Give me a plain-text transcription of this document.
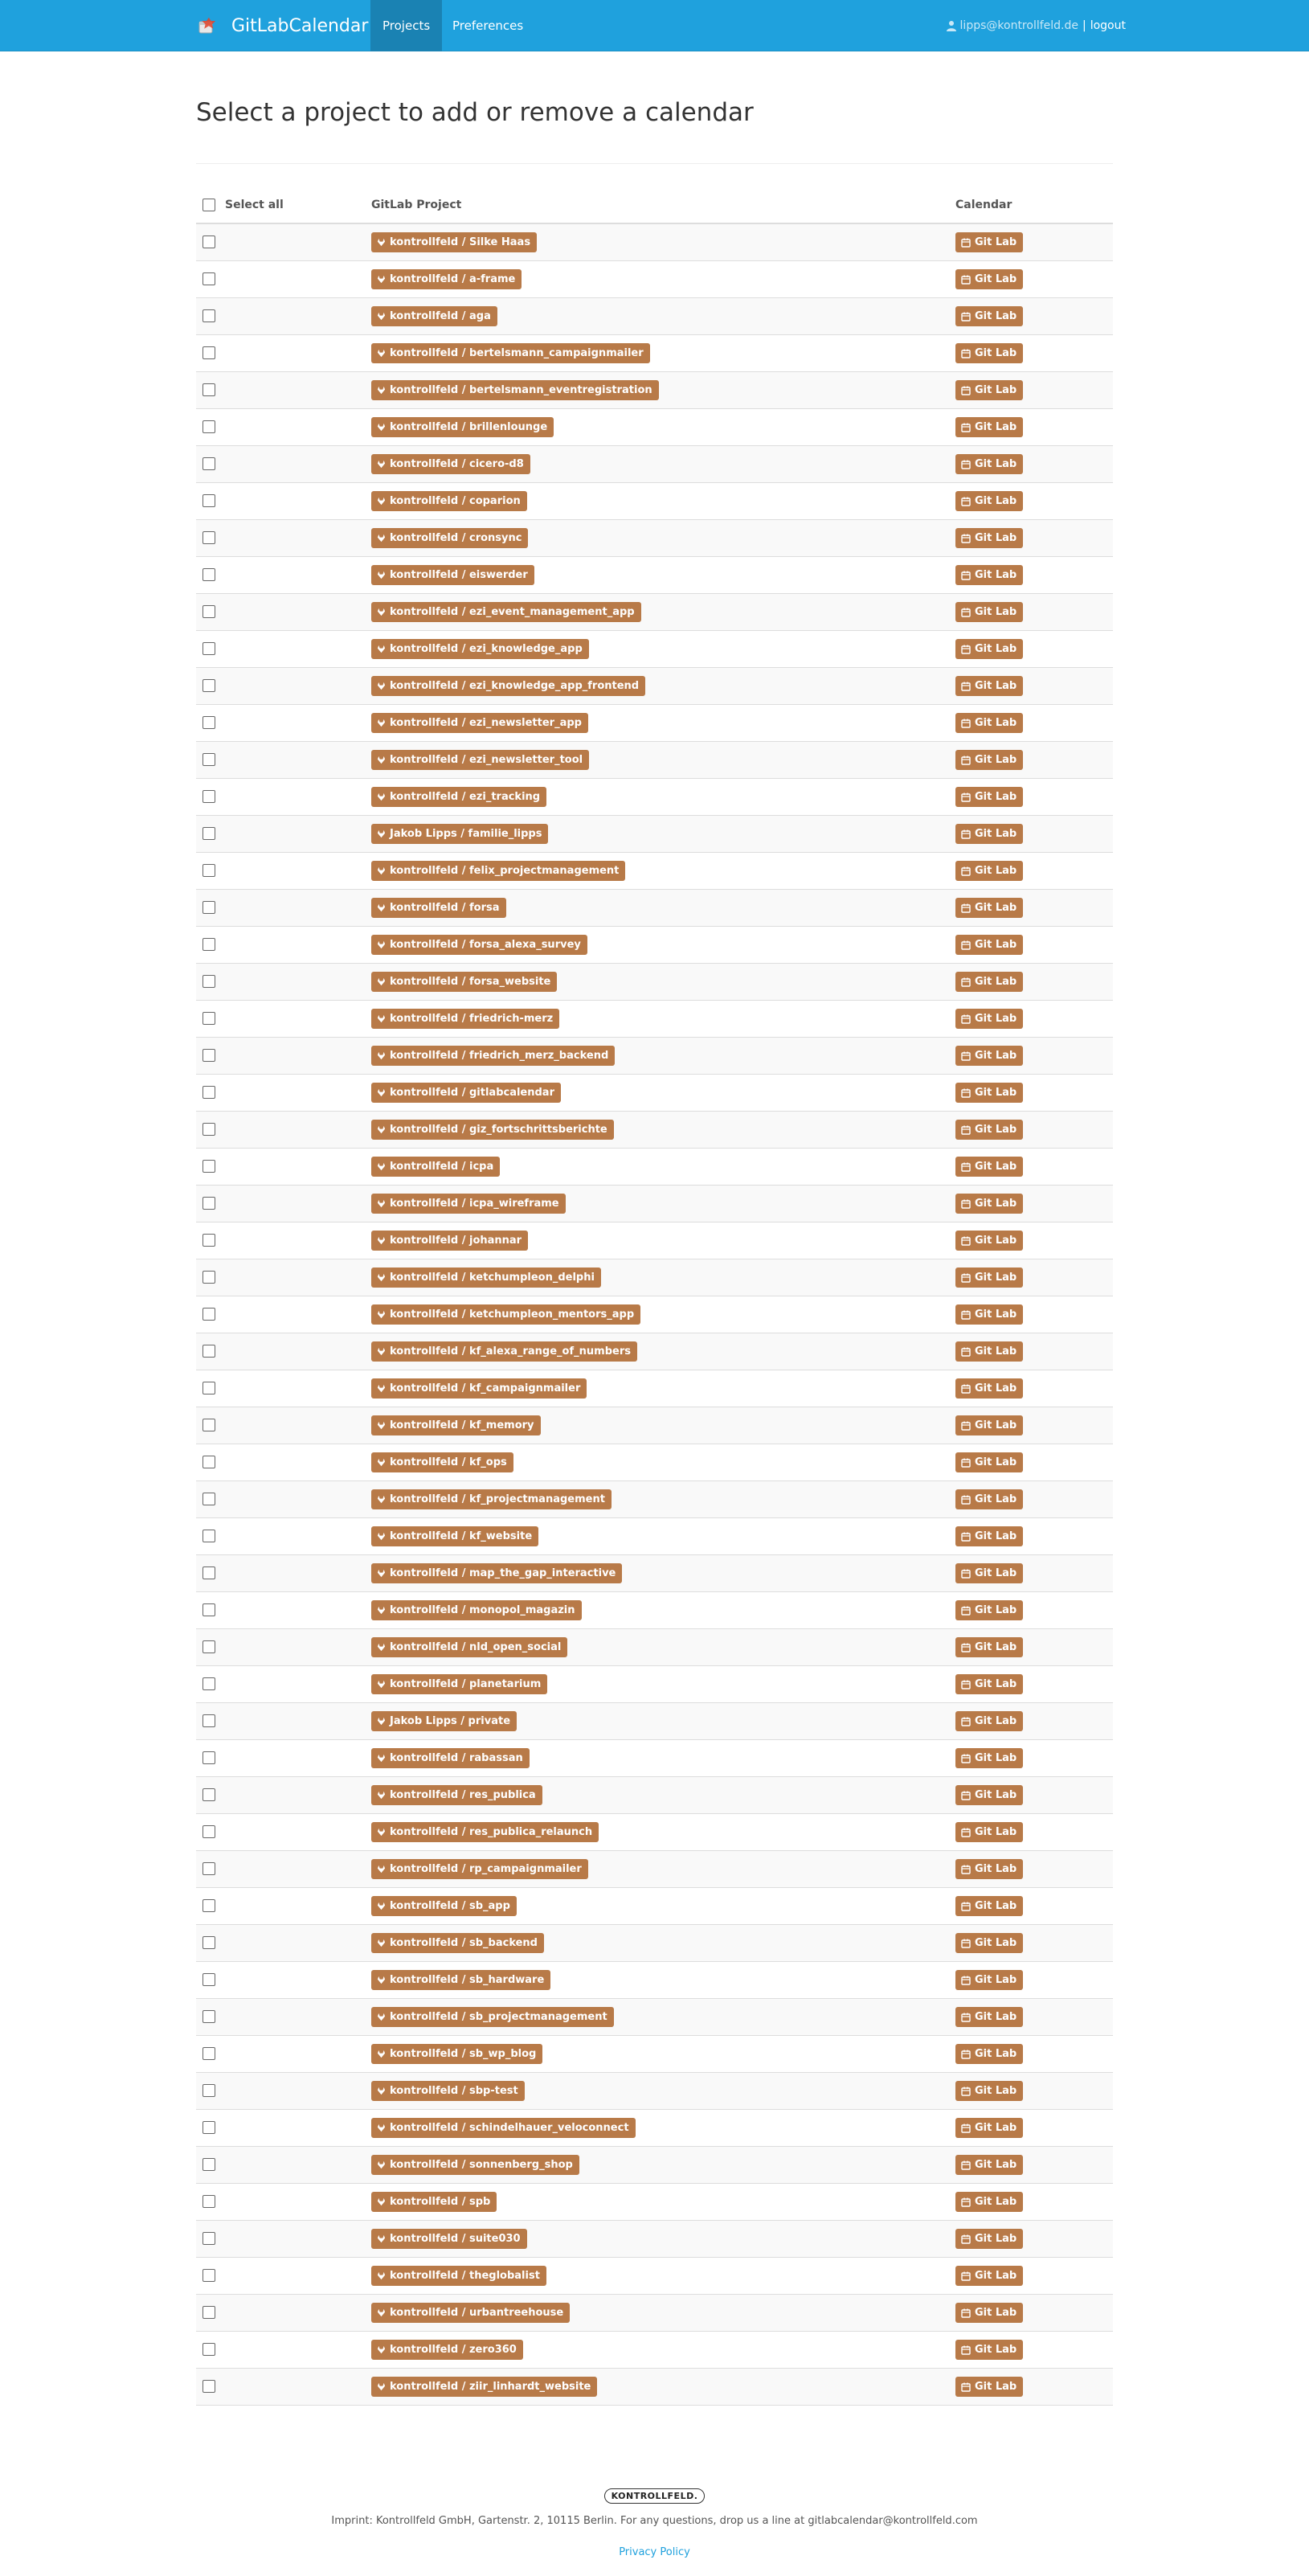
GitLabCalendar	Projects	Preferences	lipps@kontrollfeld.de | logout
Select a project to add or remove a calendar
Select all	GitLab Project	Calendar
kontrollfeld / Silke Haas	Git Lab
kontrollfeld / a-frame	Git Lab
kontrollfeld / aga	Git Lab
kontrollfeld / bertelsmann_campaignmailer	Git Lab
kontrollfeld / bertelsmann_eventregistration	Git Lab
kontrollfeld / brillenlounge	Git Lab
kontrollfeld / cicero-d8	Git Lab
kontrollfeld / coparion	Git Lab
kontrollfeld / cronsync	Git Lab
kontrollfeld / eiswerder	Git Lab
kontrollfeld / ezi_event_management_app	Git Lab
kontrollfeld / ezi_knowledge_app	Git Lab
kontrollfeld / ezi_knowledge_app_frontend	Git Lab
kontrollfeld / ezi_newsletter_app	Git Lab
kontrollfeld / ezi_newsletter_tool	Git Lab
kontrollfeld / ezi_tracking	Git Lab
Jakob Lipps / familie_lipps	Git Lab
kontrollfeld / felix_projectmanagement	Git Lab
kontrollfeld / forsa	Git Lab
kontrollfeld / forsa_alexa_survey	Git Lab
kontrollfeld / forsa_website	Git Lab
kontrollfeld / friedrich-merz	Git Lab
kontrollfeld / friedrich_merz_backend	Git Lab
kontrollfeld / gitlabcalendar	Git Lab
kontrollfeld / giz_fortschrittsberichte	Git Lab
kontrollfeld / icpa	Git Lab
kontrollfeld / icpa_wireframe	Git Lab
kontrollfeld / johannar	Git Lab
kontrollfeld / ketchumpleon_delphi	Git Lab
kontrollfeld / ketchumpleon_mentors_app	Git Lab
kontrollfeld / kf_alexa_range_of_numbers	Git Lab
kontrollfeld / kf_campaignmailer	Git Lab
kontrollfeld / kf_memory	Git Lab
kontrollfeld / kf_ops	Git Lab
kontrollfeld / kf_projectmanagement	Git Lab
kontrollfeld / kf_website	Git Lab
kontrollfeld / map_the_gap_interactive	Git Lab
kontrollfeld / monopol_magazin	Git Lab
kontrollfeld / nld_open_social	Git Lab
kontrollfeld / planetarium	Git Lab
Jakob Lipps / private	Git Lab
kontrollfeld / rabassan	Git Lab
kontrollfeld / res_publica	Git Lab
kontrollfeld / res_publica_relaunch	Git Lab
kontrollfeld / rp_campaignmailer	Git Lab
kontrollfeld / sb_app	Git Lab
kontrollfeld / sb_backend	Git Lab
kontrollfeld / sb_hardware	Git Lab
kontrollfeld / sb_projectmanagement	Git Lab
kontrollfeld / sb_wp_blog	Git Lab
kontrollfeld / sbp-test	Git Lab
kontrollfeld / schindelhauer_veloconnect	Git Lab
kontrollfeld / sonnenberg_shop	Git Lab
kontrollfeld / spb	Git Lab
kontrollfeld / suite030	Git Lab
kontrollfeld / theglobalist	Git Lab
kontrollfeld / urbantreehouse	Git Lab
kontrollfeld / zero360	Git Lab
kontrollfeld / ziir_linhardt_website	Git Lab
KONTROLLFELD.
Imprint: Kontrollfeld GmbH, Gartenstr. 2, 10115 Berlin. For any questions, drop us a line at gitlabcalendar@kontrollfeld.com
Privacy Policy
